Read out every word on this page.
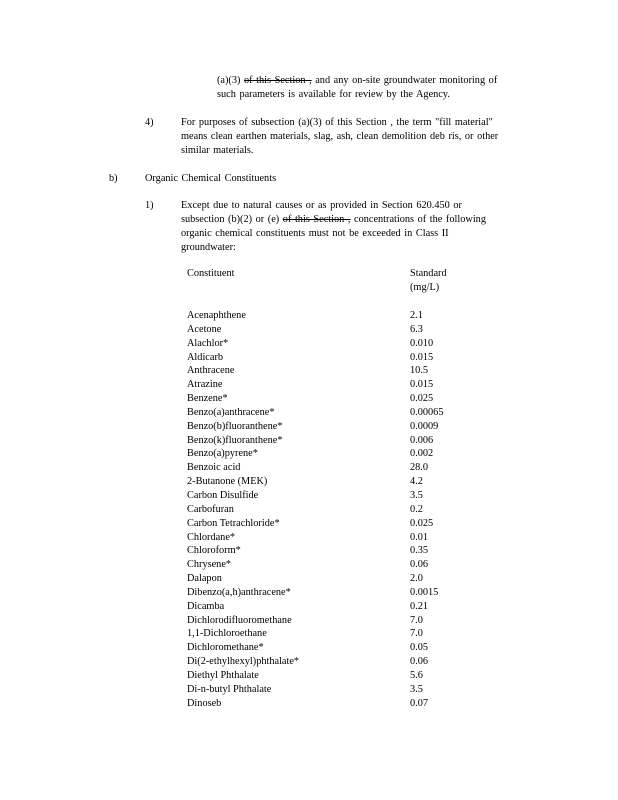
(a)(3) of this Section , and any on-site groundwater monitoring of
such parameters is available for review by the Agency.
4)	For purposes of subsection (a)(3) of this Section , the term "fill material"
means clean earthen materials, slag, ash, clean demolition deb ris, or other
similar materials.
b)	Organic Chemical Constituents
1)	Except due to natural causes or as provided in Section 620.450 or
subsection (b)(2) or (e) of this Section , concentrations of the following
organic chemical constituents must not be exceeded in Class II
groundwater:
Constituent	Standard
(mg/L)
Acenaphthene	2.1
Acetone	6.3
Alachlor*	0.010
Aldicarb	0.015
Anthracene	10.5
Atrazine	0.015
Benzene*	0.025
Benzo(a)anthracene*	0.00065
Benzo(b)fluoranthene*	0.0009
Benzo(k)fluoranthene*	0.006
Benzo(a)pyrene*	0.002
Benzoic acid	28.0
2-Butanone (MEK)	4.2
Carbon Disulfide	3.5
Carbofuran	0.2
Carbon Tetrachloride*	0.025
Chlordane*	0.01
Chloroform*	0.35
Chrysene*	0.06
Dalapon	2.0
Dibenzo(a,h)anthracene*	0.0015
Dicamba	0.21
Dichlorodifluoromethane	7.0
1,1-Dichloroethane	7.0
Dichloromethane*	0.05
Di(2-ethylhexyl)phthalate*	0.06
Diethyl Phthalate	5.6
Di-n-butyl Phthalate	3.5
Dinoseb	0.07
